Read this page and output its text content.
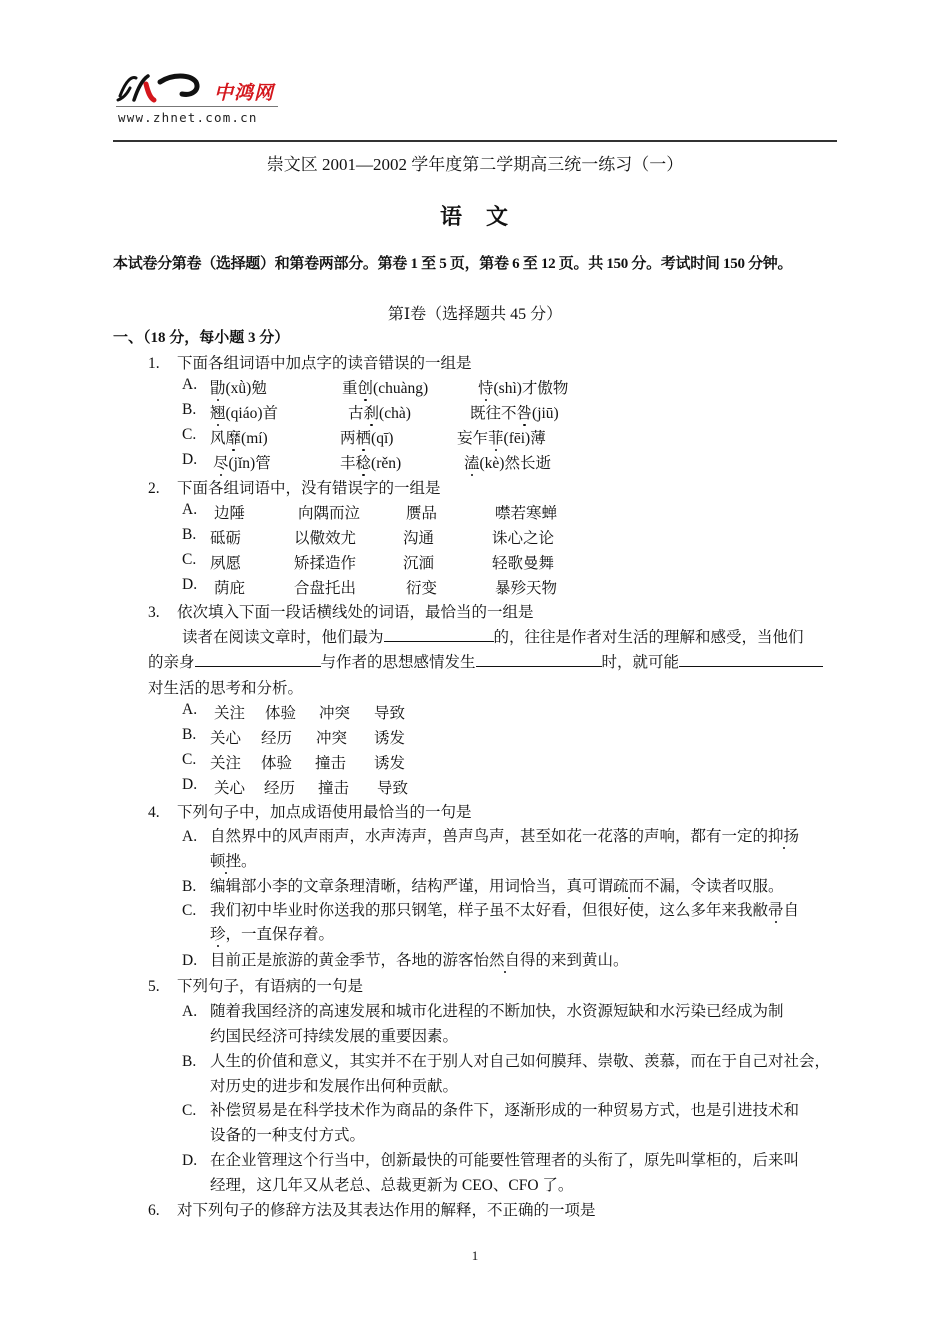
中鸿网
www.zhnet.com.cn
崇文区 2001—2002 学年度第二学期高三统一练习（一）
语文
本试卷分第卷（选择题）和第卷两部分。第卷 1 至 5 页，第卷 6 至 12 页。共 150 分。考试时间 150 分钟。
第Ⅰ卷（选择题共 45 分）
一、（18 分，每小题 3 分）
1. 下面各组词语中加点字的读音错误的一组是
A. 勖(xǜ)勉	重创(chuàng)	恃(shì)才傲物
B. 翘(qiáo)首	古刹(chà)	既往不咎(jiū)
C. 风靡(mí)	两栖(qī)	妄乍菲(fēi)薄
D.	尽(jǐn)管	丰稔(rěn)	溘(kè)然长逝
2. 下面各组词语中，没有错误字的一组是
A.	边陲	向隅而泣	赝品	噤若寒蝉
B. 砥砺	以儆效尤	沟通	诛心之论
C. 夙愿	矫揉造作	沉湎	轻歌曼舞
D.	荫庇	合盘托出	衍变	暴殄天物
3. 依次填入下面一段话横线处的词语，最恰当的一组是
读者在阅读文章时，他们最为	的，往往是作者对生活的理解和感受，当他们
的亲身	与作者的思想感情发生	时，就可能
对生活的思考和分析。
A.	关注 体验 冲突 导致
B. 关心 经历 冲突 诱发
C. 关注 体验 撞击 诱发
D.	关心 经历 撞击 导致
4. 下列句子中，加点成语使用最恰当的一句是
A. 自然界中的风声雨声，水声涛声，兽声鸟声，甚至如花一花落的声响，都有一定的抑扬
顿挫。
B. 编辑部小李的文章条理清晰，结构严谨，用词恰当，真可谓疏而不漏，令读者叹服。
C. 我们初中毕业时你送我的那只钢笔，样子虽不太好看，但很好使，这么多年来我敝帚自
珍，一直保存着。
D. 目前正是旅游的黄金季节，各地的游客怡然自得的来到黄山。
5. 下列句子，有语病的一句是
A. 随着我国经济的高速发展和城市化进程的不断加快，水资源短缺和水污染已经成为制
约国民经济可持续发展的重要因素。
B. 人生的价值和意义，其实并不在于别人对自己如何膜拜、崇敬、羡慕，而在于自己对社会，
对历史的进步和发展作出何种贡献。
C. 补偿贸易是在科学技术作为商品的条件下，逐渐形成的一种贸易方式，也是引进技术和
设备的一种支付方式。
D. 在企业管理这个行当中，创新最快的可能要性管理者的头衔了，原先叫掌柜的，后来叫
经理，这几年又从老总、总裁更新为 CEO、CFO 了。
6. 对下列句子的修辞方法及其表达作用的解释，不正确的一项是
1
